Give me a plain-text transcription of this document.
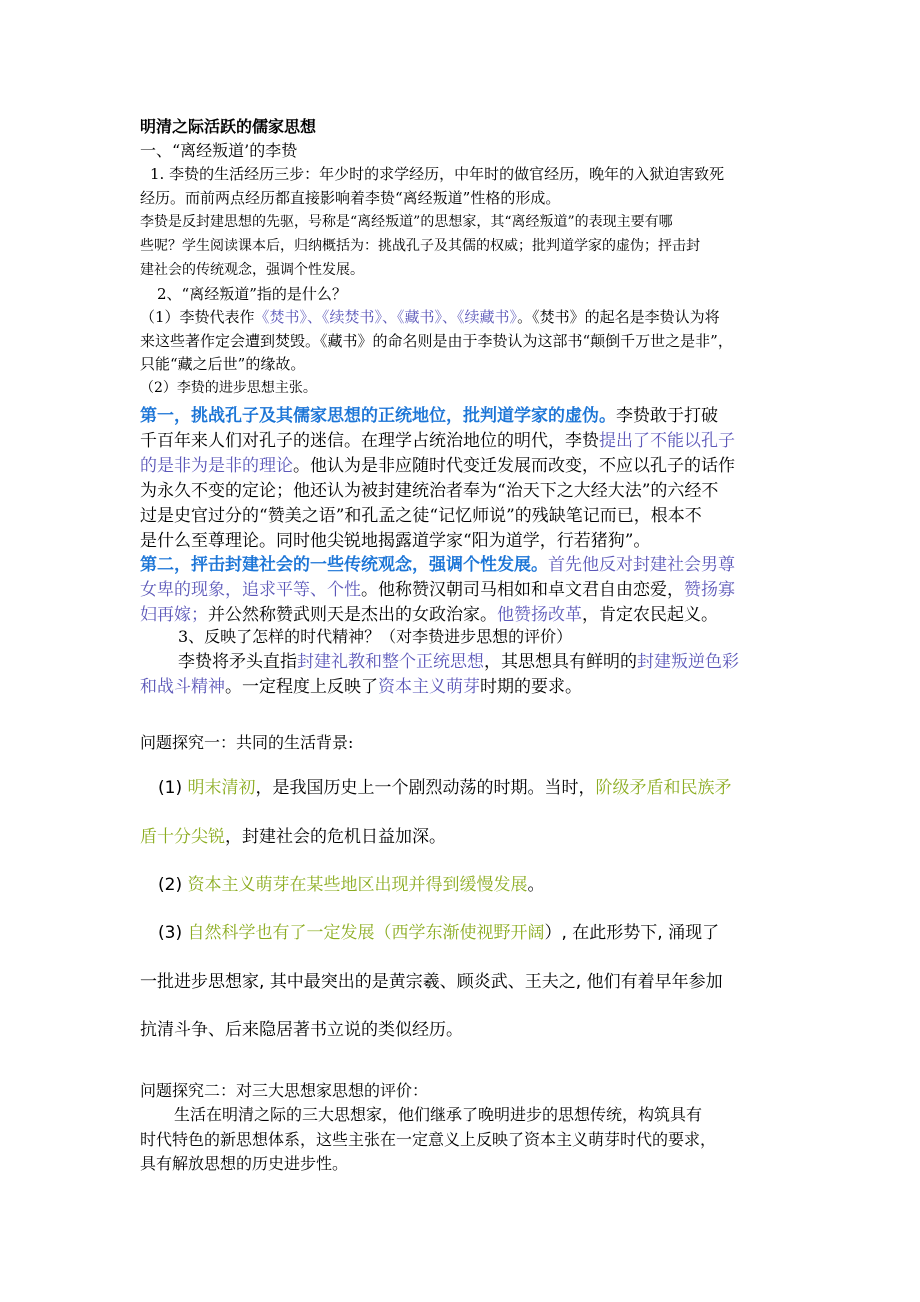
明清之际活跃的儒家思想

一、“离经叛道’的李贽

1. 李贽的生活经历三步：年少时的求学经历，中年时的做官经历，晚年的入狱迫害致死

经历。而前两点经历都直接影响着李贽“离经叛道”性格的形成。

李贽是反封建思想的先驱，号称是“离经叛道”的思想家，其“离经叛道”的表现主要有哪

些呢？学生阅读课本后，归纳概括为：挑战孔子及其儒的权威；批判道学家的虚伪；抨击封

建社会的传统观念，强调个性发展。

2、“离经叛道”指的是什么？

（1）李贽代表作《焚书》、《续焚书》、《藏书》、《续藏书》。《焚书》的起名是李贽认为将

来这些著作定会遭到焚毁。《藏书》的命名则是由于李贽认为这部书“颠倒千万世之是非”，

只能“藏之后世”的缘故。

（2）李贽的进步思想主张。

第一，挑战孔子及其儒家思想的正统地位，批判道学家的虚伪。李贽敢于打破

千百年来人们对孔子的迷信。在理学占统治地位的明代，李贽提出了不能以孔子

的是非为是非的理论。他认为是非应随时代变迁发展而改变，不应以孔子的话作

为永久不变的定论；他还认为被封建统治者奉为“治天下之大经大法”的六经不

过是史官过分的“赞美之语”和孔孟之徒“记忆师说”的残缺笔记而已，根本不

是什么至尊理论。同时他尖锐地揭露道学家“阳为道学，行若猪狗”。

第二，抨击封建社会的一些传统观念，强调个性发展。首先他反对封建社会男尊

女卑的现象，追求平等、个性。他称赞汉朝司马相如和卓文君自由恋爱，赞扬寡

妇再嫁；并公然称赞武则天是杰出的女政治家。他赞扬改革，肯定农民起义。

3、反映了怎样的时代精神？（对李贽进步思想的评价）

李贽将矛头直指封建礼教和整个正统思想，其思想具有鲜明的封建叛逆色彩

和战斗精神。一定程度上反映了资本主义萌芽时期的要求。

问题探究一：共同的生活背景:

(1) 明末清初，是我国历史上一个剧烈动荡的时期。当时，阶级矛盾和民族矛

盾十分尖锐，封建社会的危机日益加深。

(2) 资本主义萌芽在某些地区出现并得到缓慢发展。

(3) 自然科学也有了一定发展（西学东渐使视野开阔）, 在此形势下, 涌现了

一批进步思想家, 其中最突出的是黄宗羲、顾炎武、王夫之, 他们有着早年参加

抗清斗争、后来隐居著书立说的类似经历。

问题探究二：对三大思想家思想的评价：

生活在明清之际的三大思想家，他们继承了晚明进步的思想传统，构筑具有

时代特色的新思想体系，这些主张在一定意义上反映了资本主义萌芽时代的要求，

具有解放思想的历史进步性。
